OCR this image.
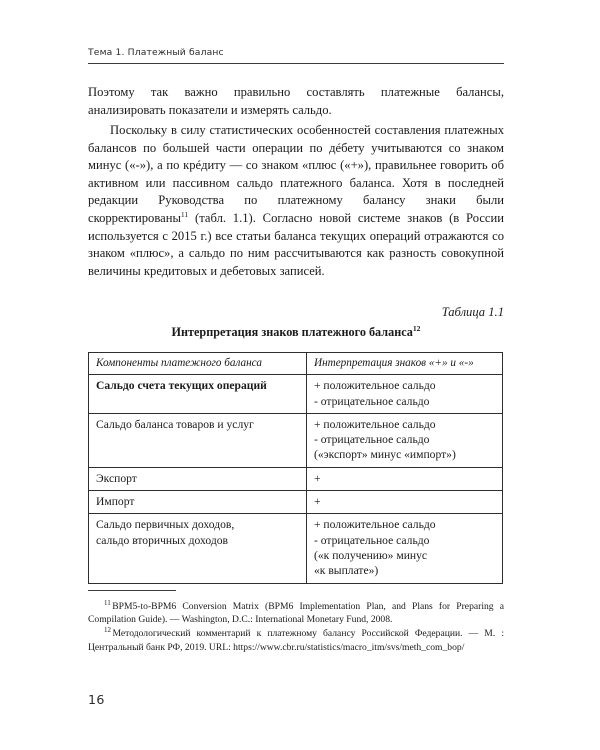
Тема 1. Платежный баланс

Поэтому так важно правильно составлять платежные балансы, анализировать показатели и измерять сальдо.

Поскольку в силу статистических особенностей составления платежных балансов по большей части операции по дéбету учитываются со знаком минус («-»), а по крéдиту — со знаком «плюс («+»), правильнее говорить об активном или пассивном сальдо платежного баланса. Хотя в последней редакции Руководства по платежному балансу знаки были скорректированы$^{11}$ (табл. 1.1). Согласно новой системе знаков (в России используется с 2015 г.) все статьи баланса текущих операций отражаются со знаком «плюс», а сальдо по ним рассчитываются как разность совокупной величины кредитовых и дебетовых записей.

Таблица 1.1
Интерпретация знаков платежного баланса$^{12}$
Компоненты платежного баланса	Интерпретация знаков «+» и «-»
Сальдо счета текущих операций	+ положительное сальдо
- отрицательное сальдо

Сальдо баланса товаров и услуг	+ положительное сальдо
- отрицательное сальдо
(«экспорт» минус «импорт»)

Экспорт	+

Импорт	+

Сальдо первичных доходов,
сальдо вторичных доходов	+ положительное сальдо
- отрицательное сальдо
(«к получению» минус
«к выплате»)

$^{11}$ BPM5-to-BPM6 Conversion Matrix (BPM6 Implementation Plan, and Plans for Preparing a Compilation Guide). — Washington, D.C.: International Monetary Fund, 2008.

$^{12}$ Методологический комментарий к платежному балансу Российской Федерации. — М. : Центральный банк РФ, 2019. URL: https://www.cbr.ru/statistics/macro_itm/svs/meth_com_bop/

16
